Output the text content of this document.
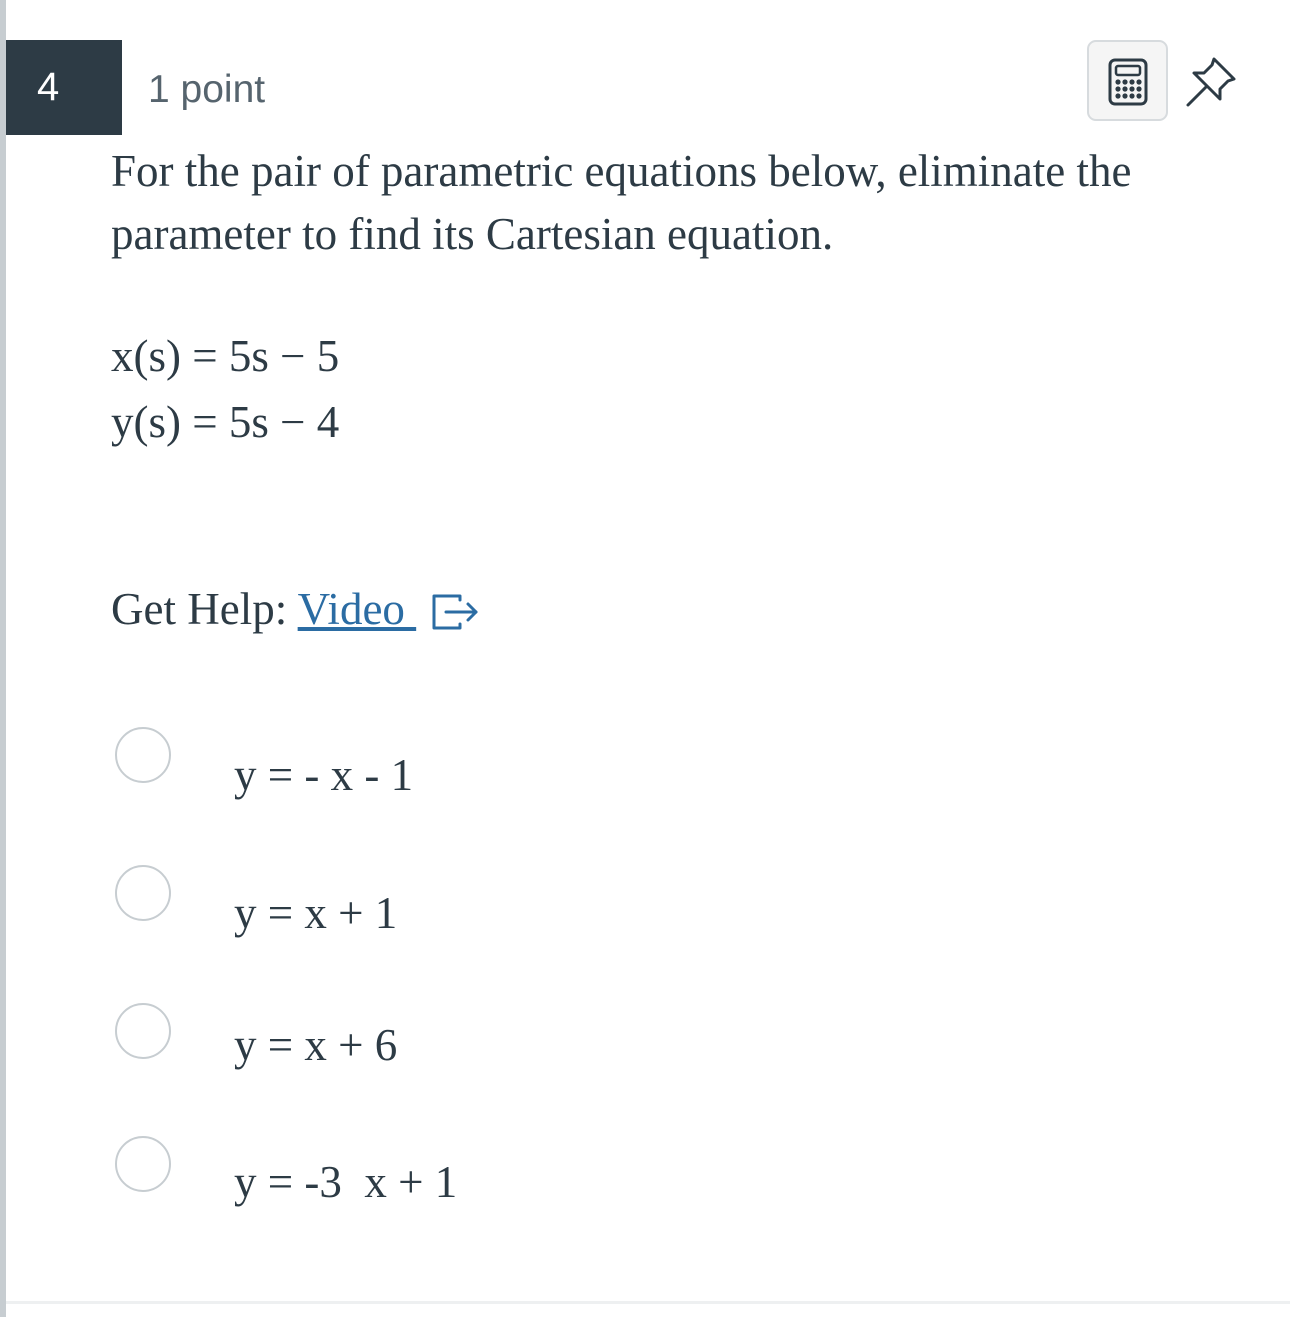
4	1 point
For the pair of parametric equations below, eliminate the parameter to find its Cartesian equation.
x(s) = 5s − 5
y(s) = 5s − 4
Get Help: Video
y = - x - 1
y = x + 1
y = x + 6
y = -3  x + 1
